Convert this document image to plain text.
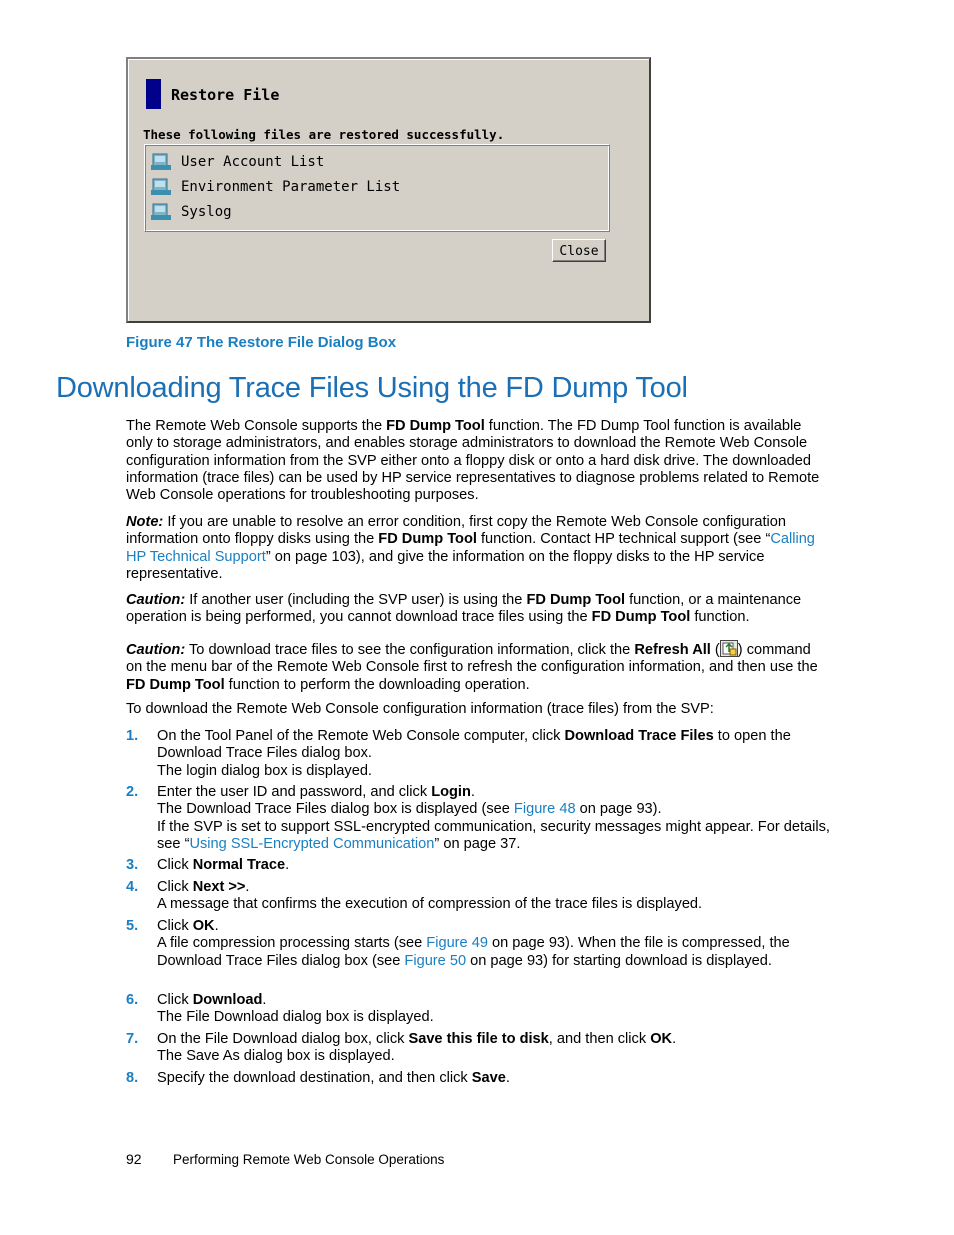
Restore File
These following files are restored successfully.
User Account List
Environment Parameter List
Syslog
Close
Figure 47 The Restore File Dialog Box
Downloading Trace Files Using the FD Dump Tool
The Remote Web Console supports the FD Dump Tool function. The FD Dump Tool function is available only to storage administrators, and enables storage administrators to download the Remote Web Console configuration information from the SVP either onto a floppy disk or onto a hard disk drive. The downloaded information (trace files) can be used by HP service representatives to diagnose problems related to Remote Web Console operations for troubleshooting purposes.
Note: If you are unable to resolve an error condition, first copy the Remote Web Console configuration information onto floppy disks using the FD Dump Tool function. Contact HP technical support (see “Calling HP Technical Support” on page 103), and give the information on the floppy disks to the HP service representative.
Caution: If another user (including the SVP user) is using the FD Dump Tool function, or a maintenance operation is being performed, you cannot download trace files using the FD Dump Tool function.
Caution: To download trace files to see the configuration information, click the Refresh All ( ) command on the menu bar of the Remote Web Console first to refresh the configuration information, and then use the FD Dump Tool function to perform the downloading operation.
To download the Remote Web Console configuration information (trace files) from the SVP:
1. On the Tool Panel of the Remote Web Console computer, click Download Trace Files to open the Download Trace Files dialog box.
The login dialog box is displayed.
2. Enter the user ID and password, and click Login.
The Download Trace Files dialog box is displayed (see Figure 48 on page 93).
If the SVP is set to support SSL-encrypted communication, security messages might appear. For details, see “Using SSL-Encrypted Communication” on page 37.
3. Click Normal Trace.
4. Click Next >>.
A message that confirms the execution of compression of the trace files is displayed.
5. Click OK.
A file compression processing starts (see Figure 49 on page 93). When the file is compressed, the Download Trace Files dialog box (see Figure 50 on page 93) for starting download is displayed.
6. Click Download.
The File Download dialog box is displayed.
7. On the File Download dialog box, click Save this file to disk, and then click OK.
The Save As dialog box is displayed.
8. Specify the download destination, and then click Save.
92 Performing Remote Web Console Operations
